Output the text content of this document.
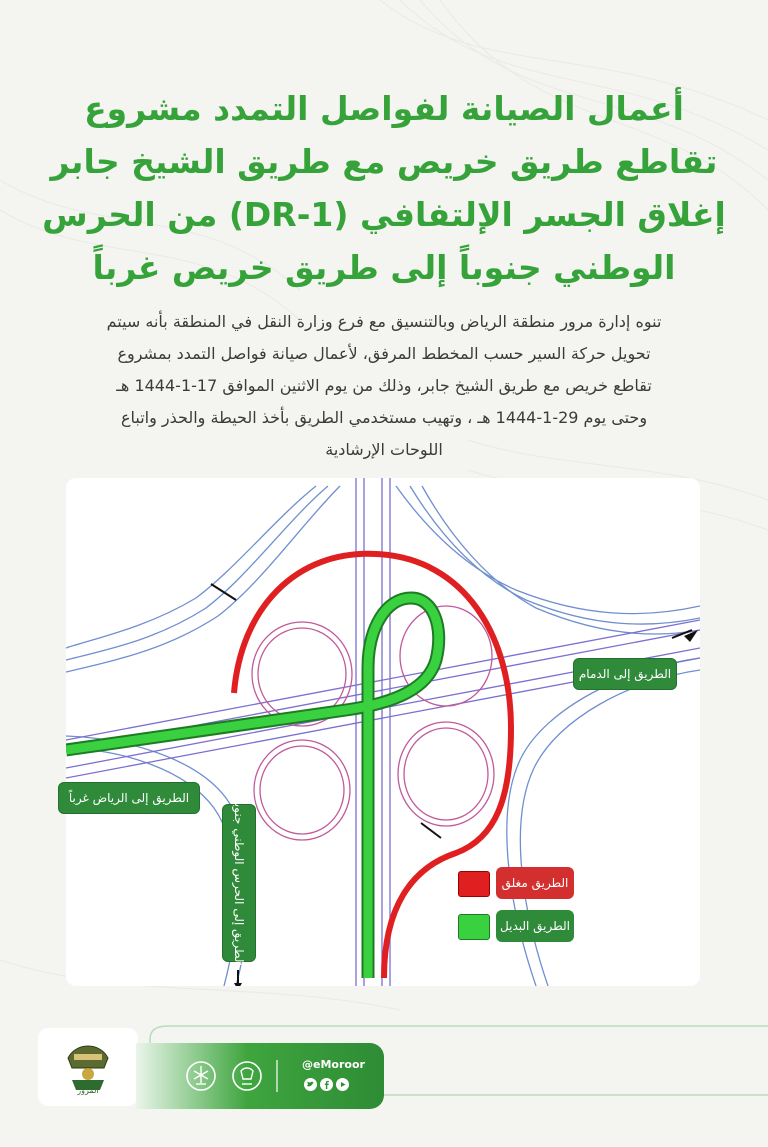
أعمال الصيانة لفواصل التمدد مشروع
تقاطع طريق خريص مع طريق الشيخ جابر
إغلاق الجسر الإلتفافي (DR-1) من الحرس
الوطني جنوباً إلى طريق خريص غرباً
تنوه إدارة مرور منطقة الرياض وبالتنسيق مع فرع وزارة النقل في المنطقة بأنه سيتم
تحويل حركة السير حسب المخطط المرفق، لأعمال صيانة فواصل التمدد بمشروع
تقاطع خريص مع طريق الشيخ جابر، وذلك من يوم الاثنين الموافق 17-1-1444 هـ
وحتى يوم 29-1-1444 هـ ، وتهيب مستخدمي الطريق بأخذ الحيطة والحذر واتباع
اللوحات الإرشادية
الطريق إلى الدمام
الطريق إلى الرياض غرباً
الطريق إلى الحرس الوطني جنوباً	الطريق مغلق
الطريق البديل
المرور
@eMoroor
